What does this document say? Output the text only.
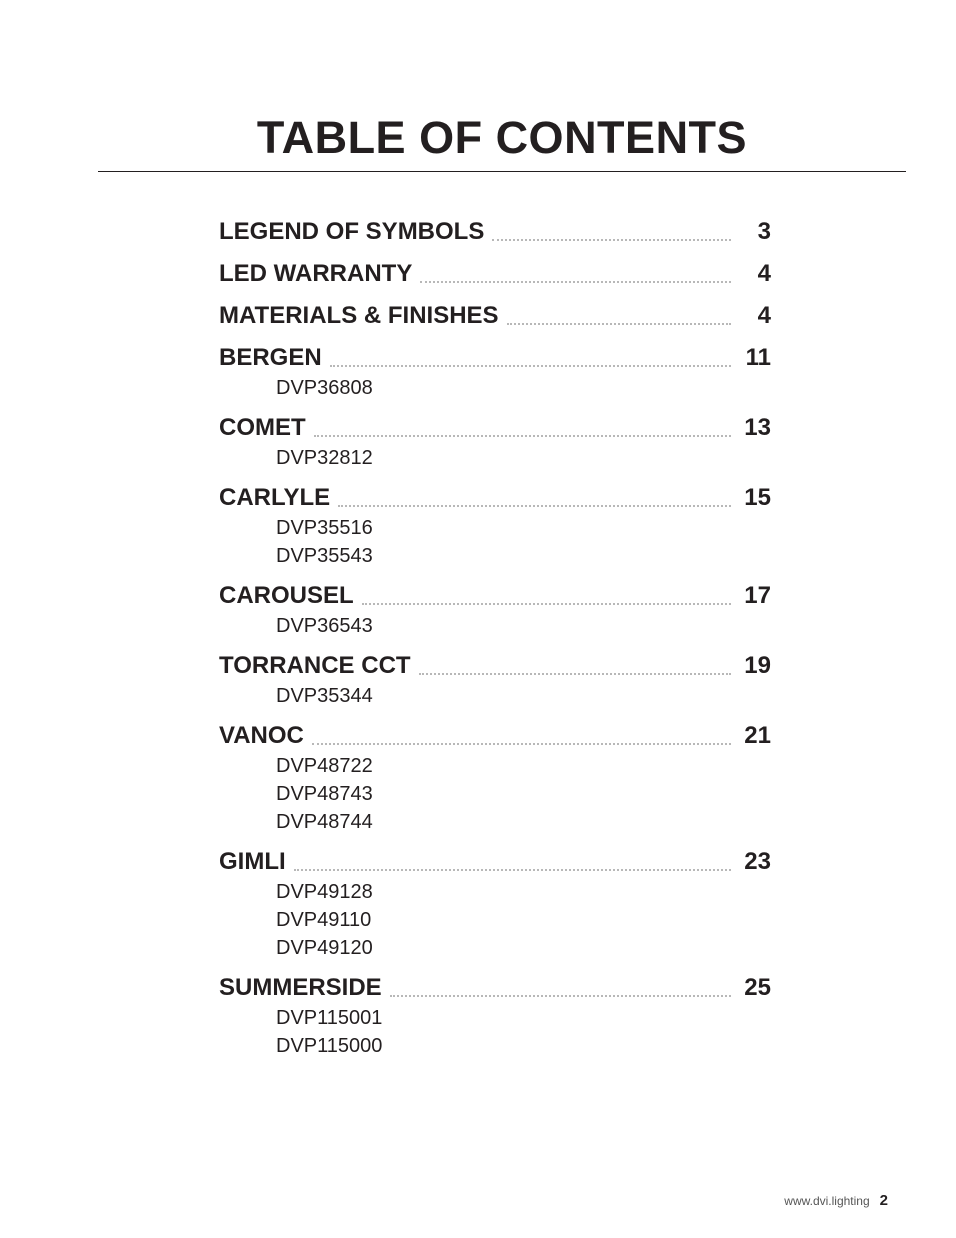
TABLE OF CONTENTS
LEGEND OF SYMBOLS	3
LED WARRANTY	4
MATERIALS & FINISHES	4
BERGEN	11
DVP36808
COMET	13
DVP32812
CARLYLE	15
DVP35516
DVP35543
CAROUSEL	17
DVP36543
TORRANCE CCT	19
DVP35344
VANOC	21
DVP48722
DVP48743
DVP48744
GIMLI	23
DVP49128
DVP49110
DVP49120
SUMMERSIDE	25
DVP115001
DVP115000
www.dvi.lighting 2
